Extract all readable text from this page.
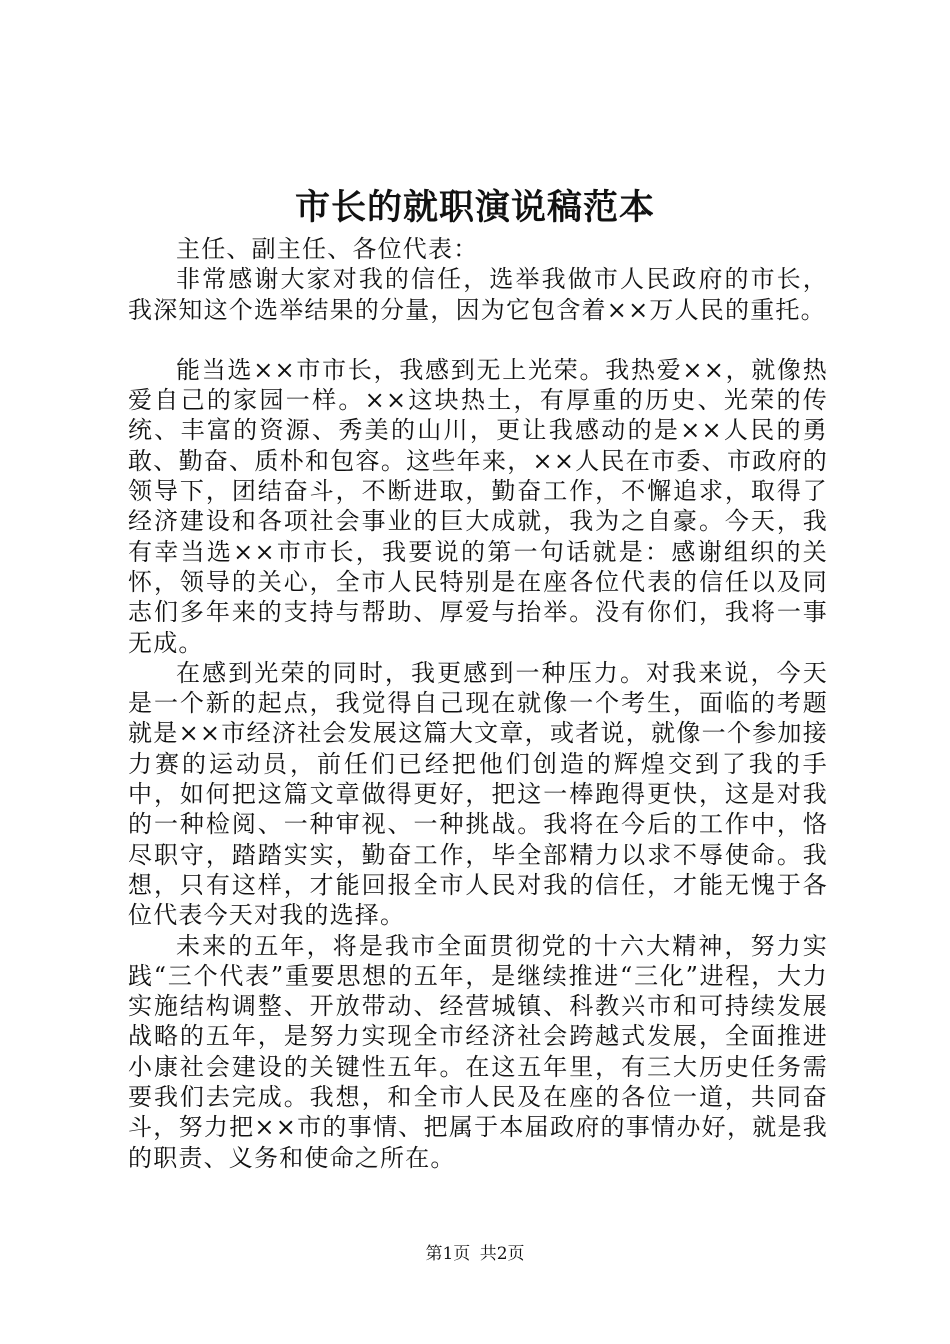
市长的就职演说稿范本

主任、副主任、各位代表：

非常感谢大家对我的信任，选举我做市人民政府的市长，我深知这个选举结果的分量，因为它包含着××万人民的重托。

能当选××市市长，我感到无上光荣。我热爱××，就像热爱自己的家园一样。××这块热土，有厚重的历史、光荣的传统、丰富的资源、秀美的山川，更让我感动的是××人民的勇敢、勤奋、质朴和包容。这些年来，××人民在市委、市政府的领导下，团结奋斗，不断进取，勤奋工作，不懈追求，取得了经济建设和各项社会事业的巨大成就，我为之自豪。今天，我有幸当选××市市长，我要说的第一句话就是：感谢组织的关怀，领导的关心，全市人民特别是在座各位代表的信任以及同志们多年来的支持与帮助、厚爱与抬举。没有你们，我将一事无成。

在感到光荣的同时，我更感到一种压力。对我来说，今天是一个新的起点，我觉得自己现在就像一个考生，面临的考题就是××市经济社会发展这篇大文章，或者说，就像一个参加接力赛的运动员，前任们已经把他们创造的辉煌交到了我的手中，如何把这篇文章做得更好，把这一棒跑得更快，这是对我的一种检阅、一种审视、一种挑战。我将在今后的工作中，恪尽职守，踏踏实实，勤奋工作，毕全部精力以求不辱使命。我想，只有这样，才能回报全市人民对我的信任，才能无愧于各位代表今天对我的选择。

未来的五年，将是我市全面贯彻党的十六大精神，努力实践“三个代表”重要思想的五年，是继续推进“三化”进程，大力实施结构调整、开放带动、经营城镇、科教兴市和可持续发展战略的五年，是努力实现全市经济社会跨越式发展，全面推进小康社会建设的关键性五年。在这五年里，有三大历史任务需要我们去完成。我想，和全市人民及在座的各位一道，共同奋斗，努力把××市的事情、把属于本届政府的事情办好，就是我的职责、义务和使命之所在。

第1页 共2页
